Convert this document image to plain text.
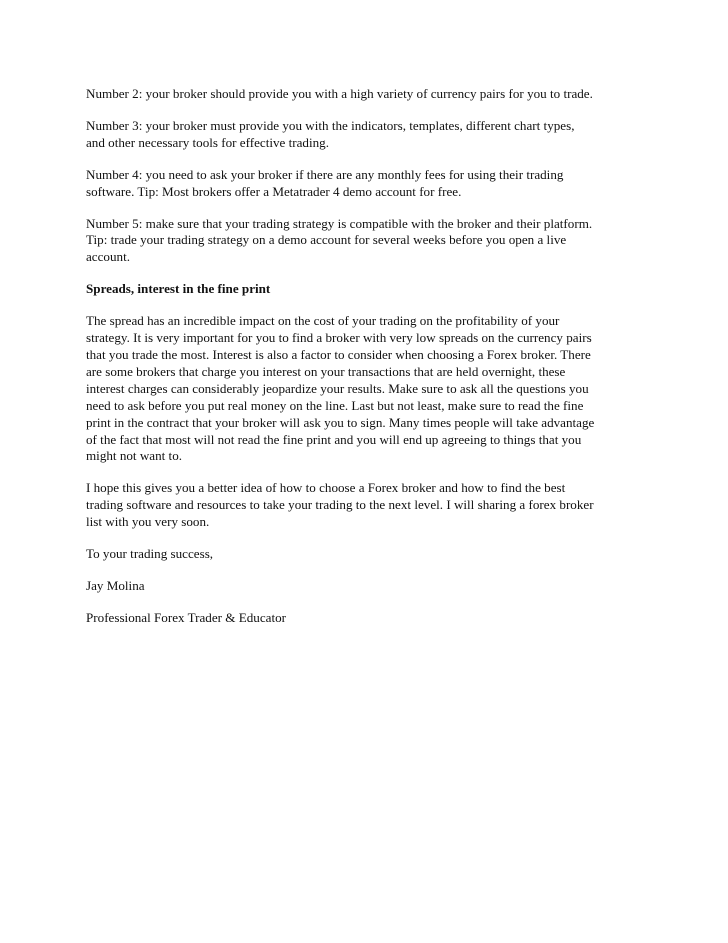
Number 2: your broker should provide you with a high variety of currency pairs for you to trade.

Number 3: your broker must provide you with the indicators, templates, different chart types,
and other necessary tools for effective trading.

Number 4: you need to ask your broker if there are any monthly fees for using their trading
software. Tip: Most brokers offer a Metatrader 4 demo account for free.

Number 5: make sure that your trading strategy is compatible with the broker and their platform.
Tip: trade your trading strategy on a demo account for several weeks before you open a live
account.

Spreads, interest in the fine print

The spread has an incredible impact on the cost of your trading on the profitability of your
strategy. It is very important for you to find a broker with very low spreads on the currency pairs
that you trade the most. Interest is also a factor to consider when choosing a Forex broker. There
are some brokers that charge you interest on your transactions that are held overnight, these
interest charges can considerably jeopardize your results. Make sure to ask all the questions you
need to ask before you put real money on the line. Last but not least, make sure to read the fine
print in the contract that your broker will ask you to sign. Many times people will take advantage
of the fact that most will not read the fine print and you will end up agreeing to things that you
might not want to.

I hope this gives you a better idea of how to choose a Forex broker and how to find the best
trading software and resources to take your trading to the next level. I will sharing a forex broker
list with you very soon.

To your trading success,

Jay Molina

Professional Forex Trader & Educator
